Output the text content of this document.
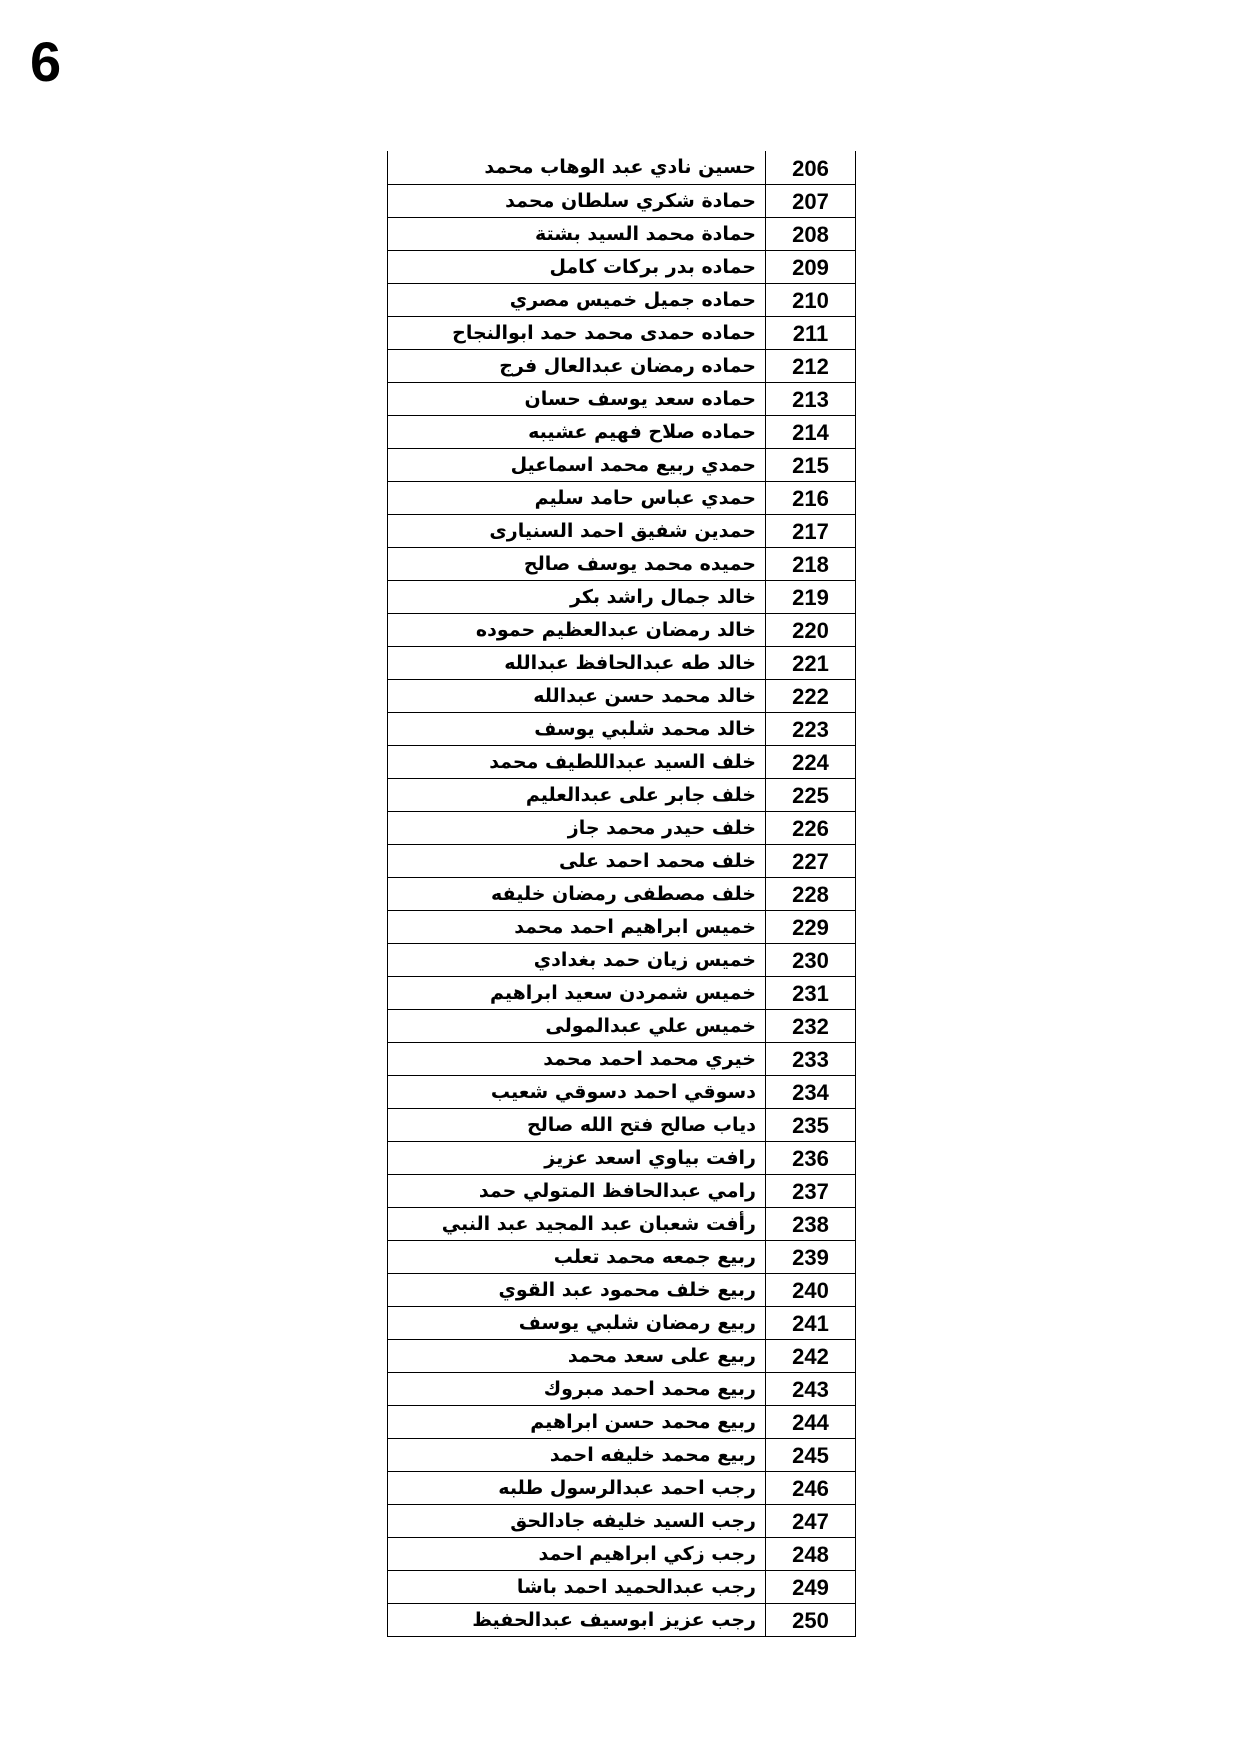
6
حسين نادي عبد الوهاب محمد	206
حمادة شكري سلطان محمد	207
حمادة محمد السيد بشتة	208
حماده بدر بركات كامل	209
حماده جميل خميس مصري	210
حماده حمدى محمد حمد ابوالنجاح	211
حماده رمضان عبدالعال فرج	212
حماده سعد يوسف حسان	213
حماده صلاح فهيم عشيبه	214
حمدي ربيع محمد اسماعيل	215
حمدي عباس حامد سليم	216
حمدين شفيق احمد السنيارى	217
حميده محمد يوسف صالح	218
خالد جمال راشد بكر	219
خالد رمضان عبدالعظيم حموده	220
خالد طه عبدالحافظ عبدالله	221
خالد محمد حسن عبدالله	222
خالد محمد شلبي يوسف	223
خلف السيد عبداللطيف محمد	224
خلف جابر على عبدالعليم	225
خلف حيدر محمد جاز	226
خلف محمد احمد على	227
خلف مصطفى رمضان خليفه	228
خميس ابراهيم احمد محمد	229
خميس زيان حمد بغدادي	230
خميس شمردن سعيد ابراهيم	231
خميس علي عبدالمولى	232
خيري محمد احمد محمد	233
دسوقي احمد دسوقي شعيب	234
دياب صالح فتح الله صالح	235
رافت بياوي اسعد عزيز	236
رامي عبدالحافظ المتولي حمد	237
رأفت شعبان عبد المجيد عبد النبي	238
ربيع جمعه محمد تعلب	239
ربيع خلف محمود عبد القوي	240
ربيع رمضان شلبي يوسف	241
ربيع على سعد محمد	242
ربيع محمد احمد مبروك	243
ربيع محمد حسن ابراهيم	244
ربيع محمد خليفه احمد	245
رجب احمد عبدالرسول طلبه	246
رجب السيد خليفه جادالحق	247
رجب زكي ابراهيم احمد	248
رجب عبدالحميد احمد باشا	249
رجب عزيز ابوسيف عبدالحفيظ	250
